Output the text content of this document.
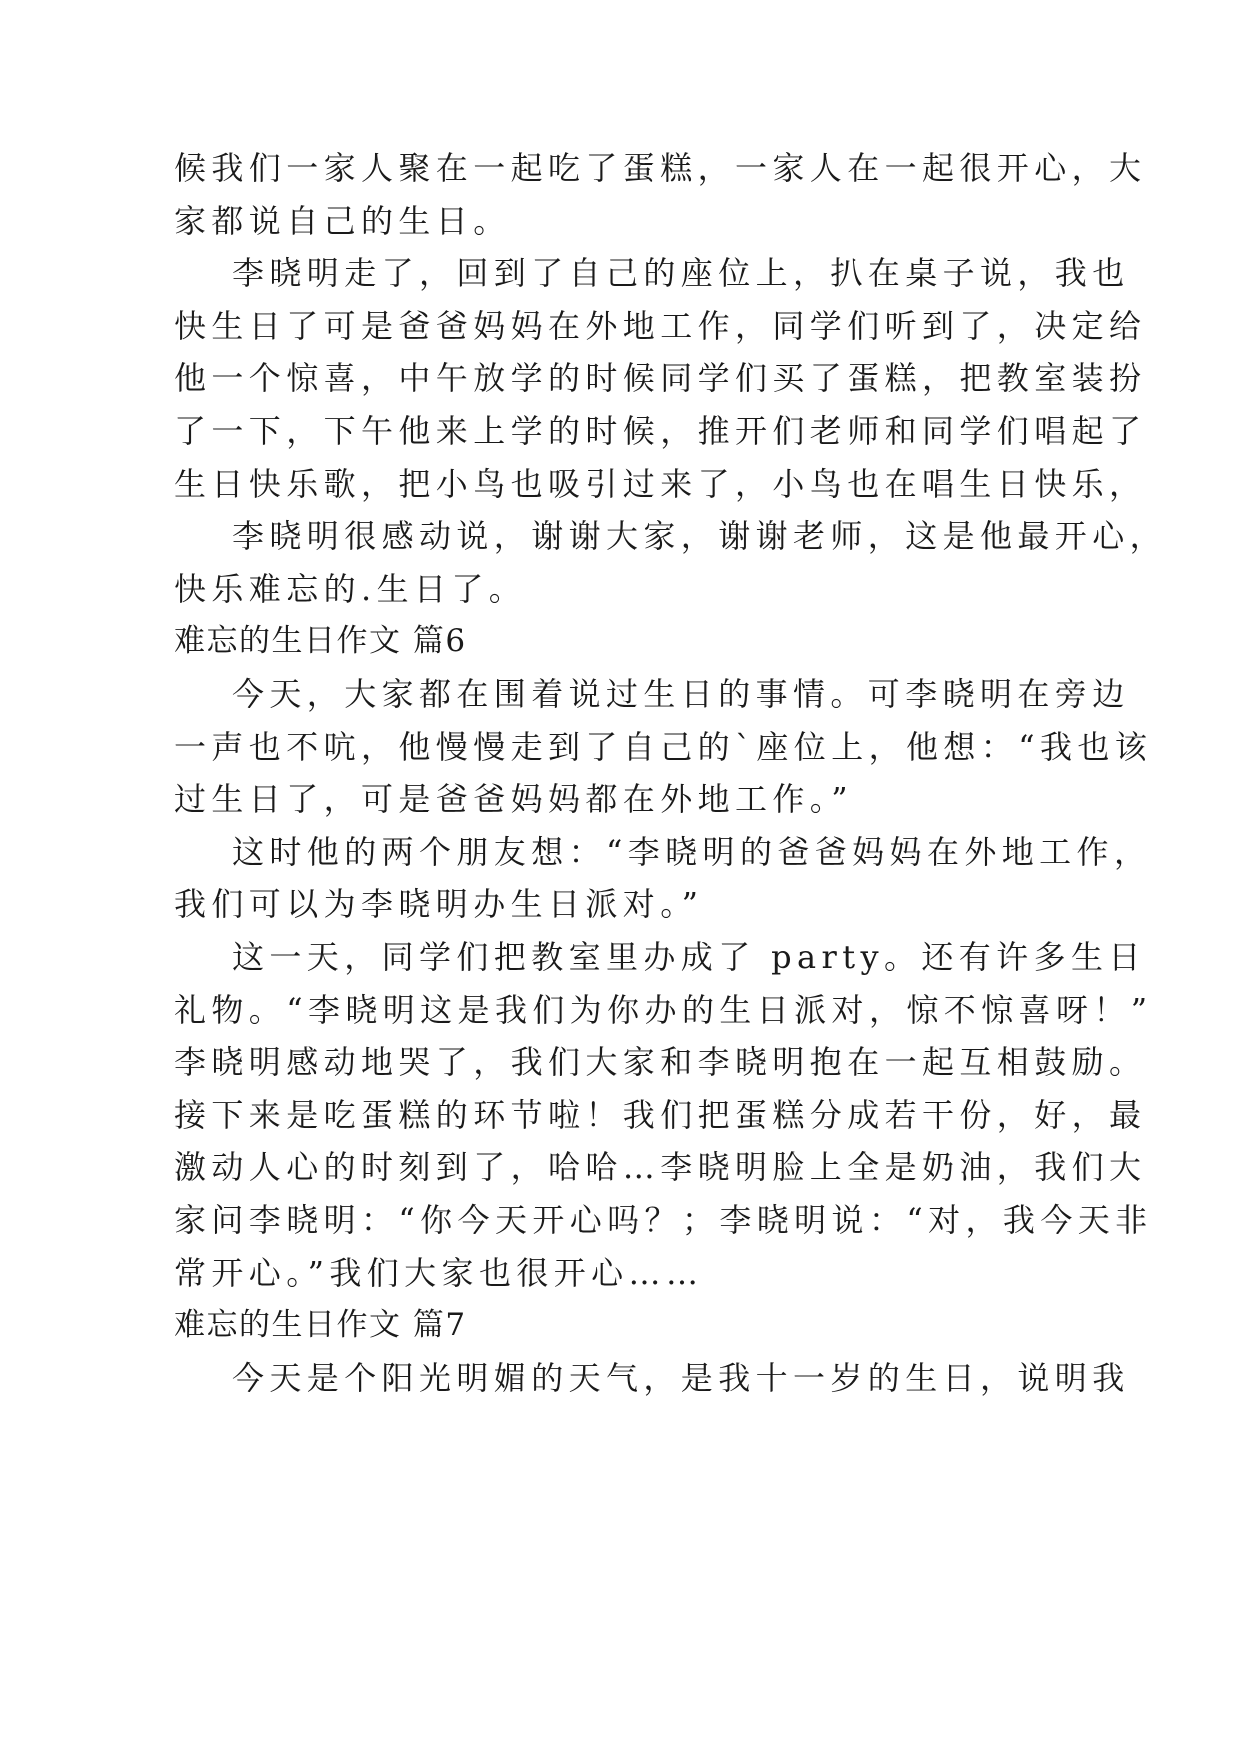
候我们一家人聚在一起吃了蛋糕，一家人在一起很开心，大
家都说自己的生日。
李晓明走了，回到了自己的座位上，扒在桌子说，我也
快生日了可是爸爸妈妈在外地工作，同学们听到了，决定给
他一个惊喜，中午放学的时候同学们买了蛋糕，把教室装扮
了一下，下午他来上学的时候，推开们老师和同学们唱起了
生日快乐歌，把小鸟也吸引过来了，小鸟也在唱生日快乐，
李晓明很感动说，谢谢大家，谢谢老师，这是他最开心，
快乐难忘的.生日了。
难忘的生日作文 篇6
今天，大家都在围着说过生日的事情。可李晓明在旁边
一声也不吭，他慢慢走到了自己的`座位上，他想：“我也该
过生日了，可是爸爸妈妈都在外地工作。”
这时他的两个朋友想：“李晓明的爸爸妈妈在外地工作，
我们可以为李晓明办生日派对。”
这一天，同学们把教室里办成了 party。还有许多生日
礼物。“李晓明这是我们为你办的生日派对，惊不惊喜呀！”
李晓明感动地哭了，我们大家和李晓明抱在一起互相鼓励。
接下来是吃蛋糕的环节啦！我们把蛋糕分成若干份，好，最
激动人心的时刻到了，哈哈…李晓明脸上全是奶油，我们大
家问李晓明：“你今天开心吗？；李晓明说：“对，我今天非
常开心。”我们大家也很开心……
难忘的生日作文 篇7
今天是个阳光明媚的天气，是我十一岁的生日，说明我
